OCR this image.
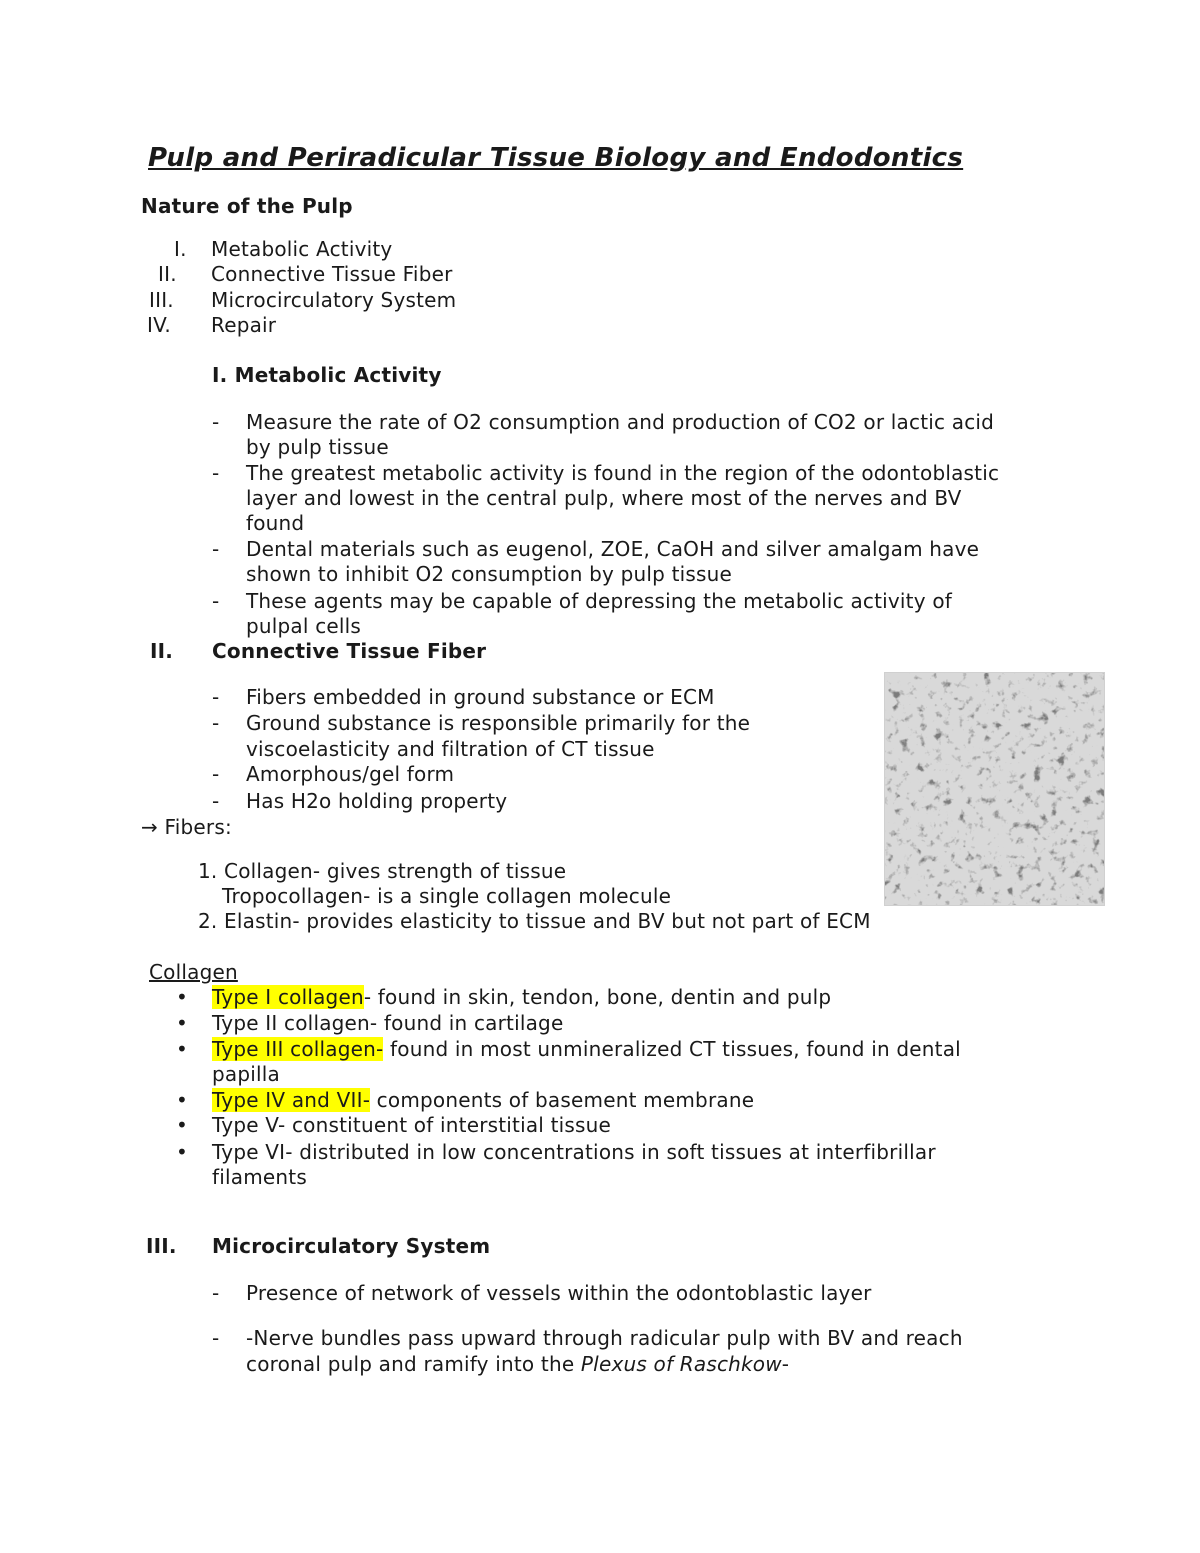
Pulp and Periradicular Tissue Biology and Endodontics
Nature of the Pulp
I. Metabolic Activity
II. Connective Tissue Fiber
III. Microcirculatory System
IV. Repair
I. Metabolic Activity
- Measure the rate of O2 consumption and production of CO2 or lactic acid
by pulp tissue
- The greatest metabolic activity is found in the region of the odontoblastic
layer and lowest in the central pulp, where most of the nerves and BV
found
- Dental materials such as eugenol, ZOE, CaOH and silver amalgam have
shown to inhibit O2 consumption by pulp tissue
- These agents may be capable of depressing the metabolic activity of
pulpal cells
II. Connective Tissue Fiber
- Fibers embedded in ground substance or ECM
- Ground substance is responsible primarily for the
viscoelasticity and filtration of CT tissue
- Amorphous/gel form
- Has H2o holding property
→ Fibers:
1. Collagen- gives strength of tissue
Tropocollagen- is a single collagen molecule
2. Elastin- provides elasticity to tissue and BV but not part of ECM
Collagen
• Type I collagen- found in skin, tendon, bone, dentin and pulp
• Type II collagen- found in cartilage
• Type III collagen- found in most unmineralized CT tissues, found in dental
papilla
• Type IV and VII- components of basement membrane
• Type V- constituent of interstitial tissue
• Type VI- distributed in low concentrations in soft tissues at interfibrillar
filaments
III. Microcirculatory System
- Presence of network of vessels within the odontoblastic layer
- -Nerve bundles pass upward through radicular pulp with BV and reach
coronal pulp and ramify into the Plexus of Raschkow-
